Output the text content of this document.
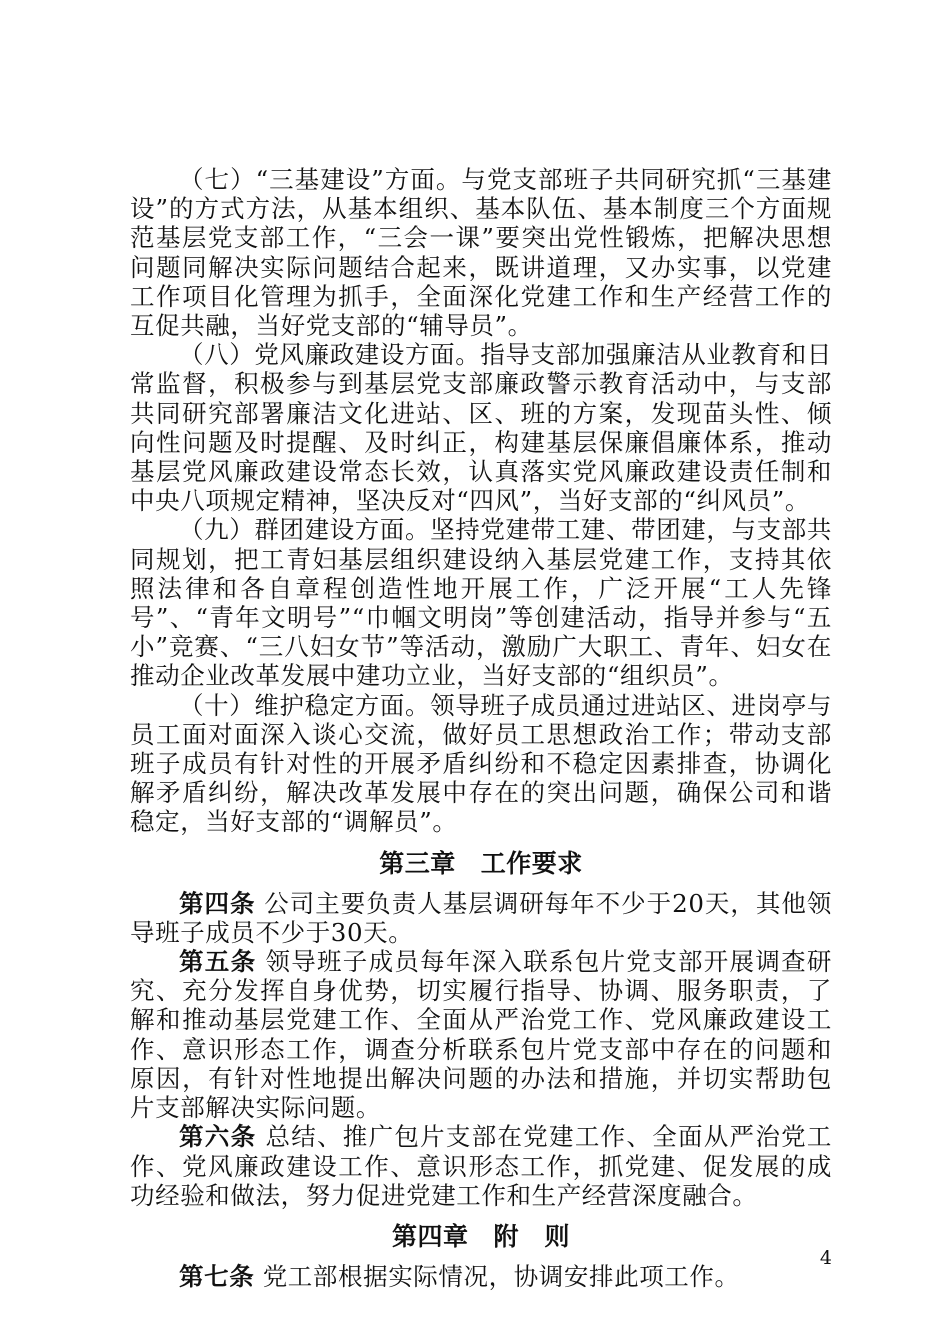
（七）“三基建设”方面。与党支部班子共同研究抓“三基建设”的方式方法，从基本组织、基本队伍、基本制度三个方面规范基层党支部工作，“三会一课”要突出党性锻炼，把解决思想问题同解决实际问题结合起来，既讲道理，又办实事，以党建工作项目化管理为抓手，全面深化党建工作和生产经营工作的互促共融，当好党支部的“辅导员”。

（八）党风廉政建设方面。指导支部加强廉洁从业教育和日常监督，积极参与到基层党支部廉政警示教育活动中，与支部共同研究部署廉洁文化进站、区、班的方案，发现苗头性、倾向性问题及时提醒、及时纠正，构建基层保廉倡廉体系，推动基层党风廉政建设常态长效，认真落实党风廉政建设责任制和中央八项规定精神，坚决反对“四风”，当好支部的“纠风员”。

（九）群团建设方面。坚持党建带工建、带团建，与支部共同规划，把工青妇基层组织建设纳入基层党建工作，支持其依照法律和各自章程创造性地开展工作，广泛开展“工人先锋号”、“青年文明号”“巾帼文明岗”等创建活动，指导并参与“五小”竞赛、“三八妇女节”等活动，激励广大职工、青年、妇女在推动企业改革发展中建功立业，当好支部的“组织员”。

（十）维护稳定方面。领导班子成员通过进站区、进岗亭与员工面对面深入谈心交流，做好员工思想政治工作；带动支部班子成员有针对性的开展矛盾纠纷和不稳定因素排查，协调化解矛盾纠纷，解决改革发展中存在的突出问题，确保公司和谐稳定，当好支部的“调解员”。

第三章 工作要求

第四条 公司主要负责人基层调研每年不少于20天，其他领导班子成员不少于30天。

第五条 领导班子成员每年深入联系包片党支部开展调查研究、充分发挥自身优势，切实履行指导、协调、服务职责，了解和推动基层党建工作、全面从严治党工作、党风廉政建设工作、意识形态工作，调查分析联系包片党支部中存在的问题和原因，有针对性地提出解决问题的办法和措施，并切实帮助包片支部解决实际问题。

第六条 总结、推广包片支部在党建工作、全面从严治党工作、党风廉政建设工作、意识形态工作，抓党建、促发展的成功经验和做法，努力促进党建工作和生产经营深度融合。

第四章 附　则

第七条 党工部根据实际情况，协调安排此项工作。

4
